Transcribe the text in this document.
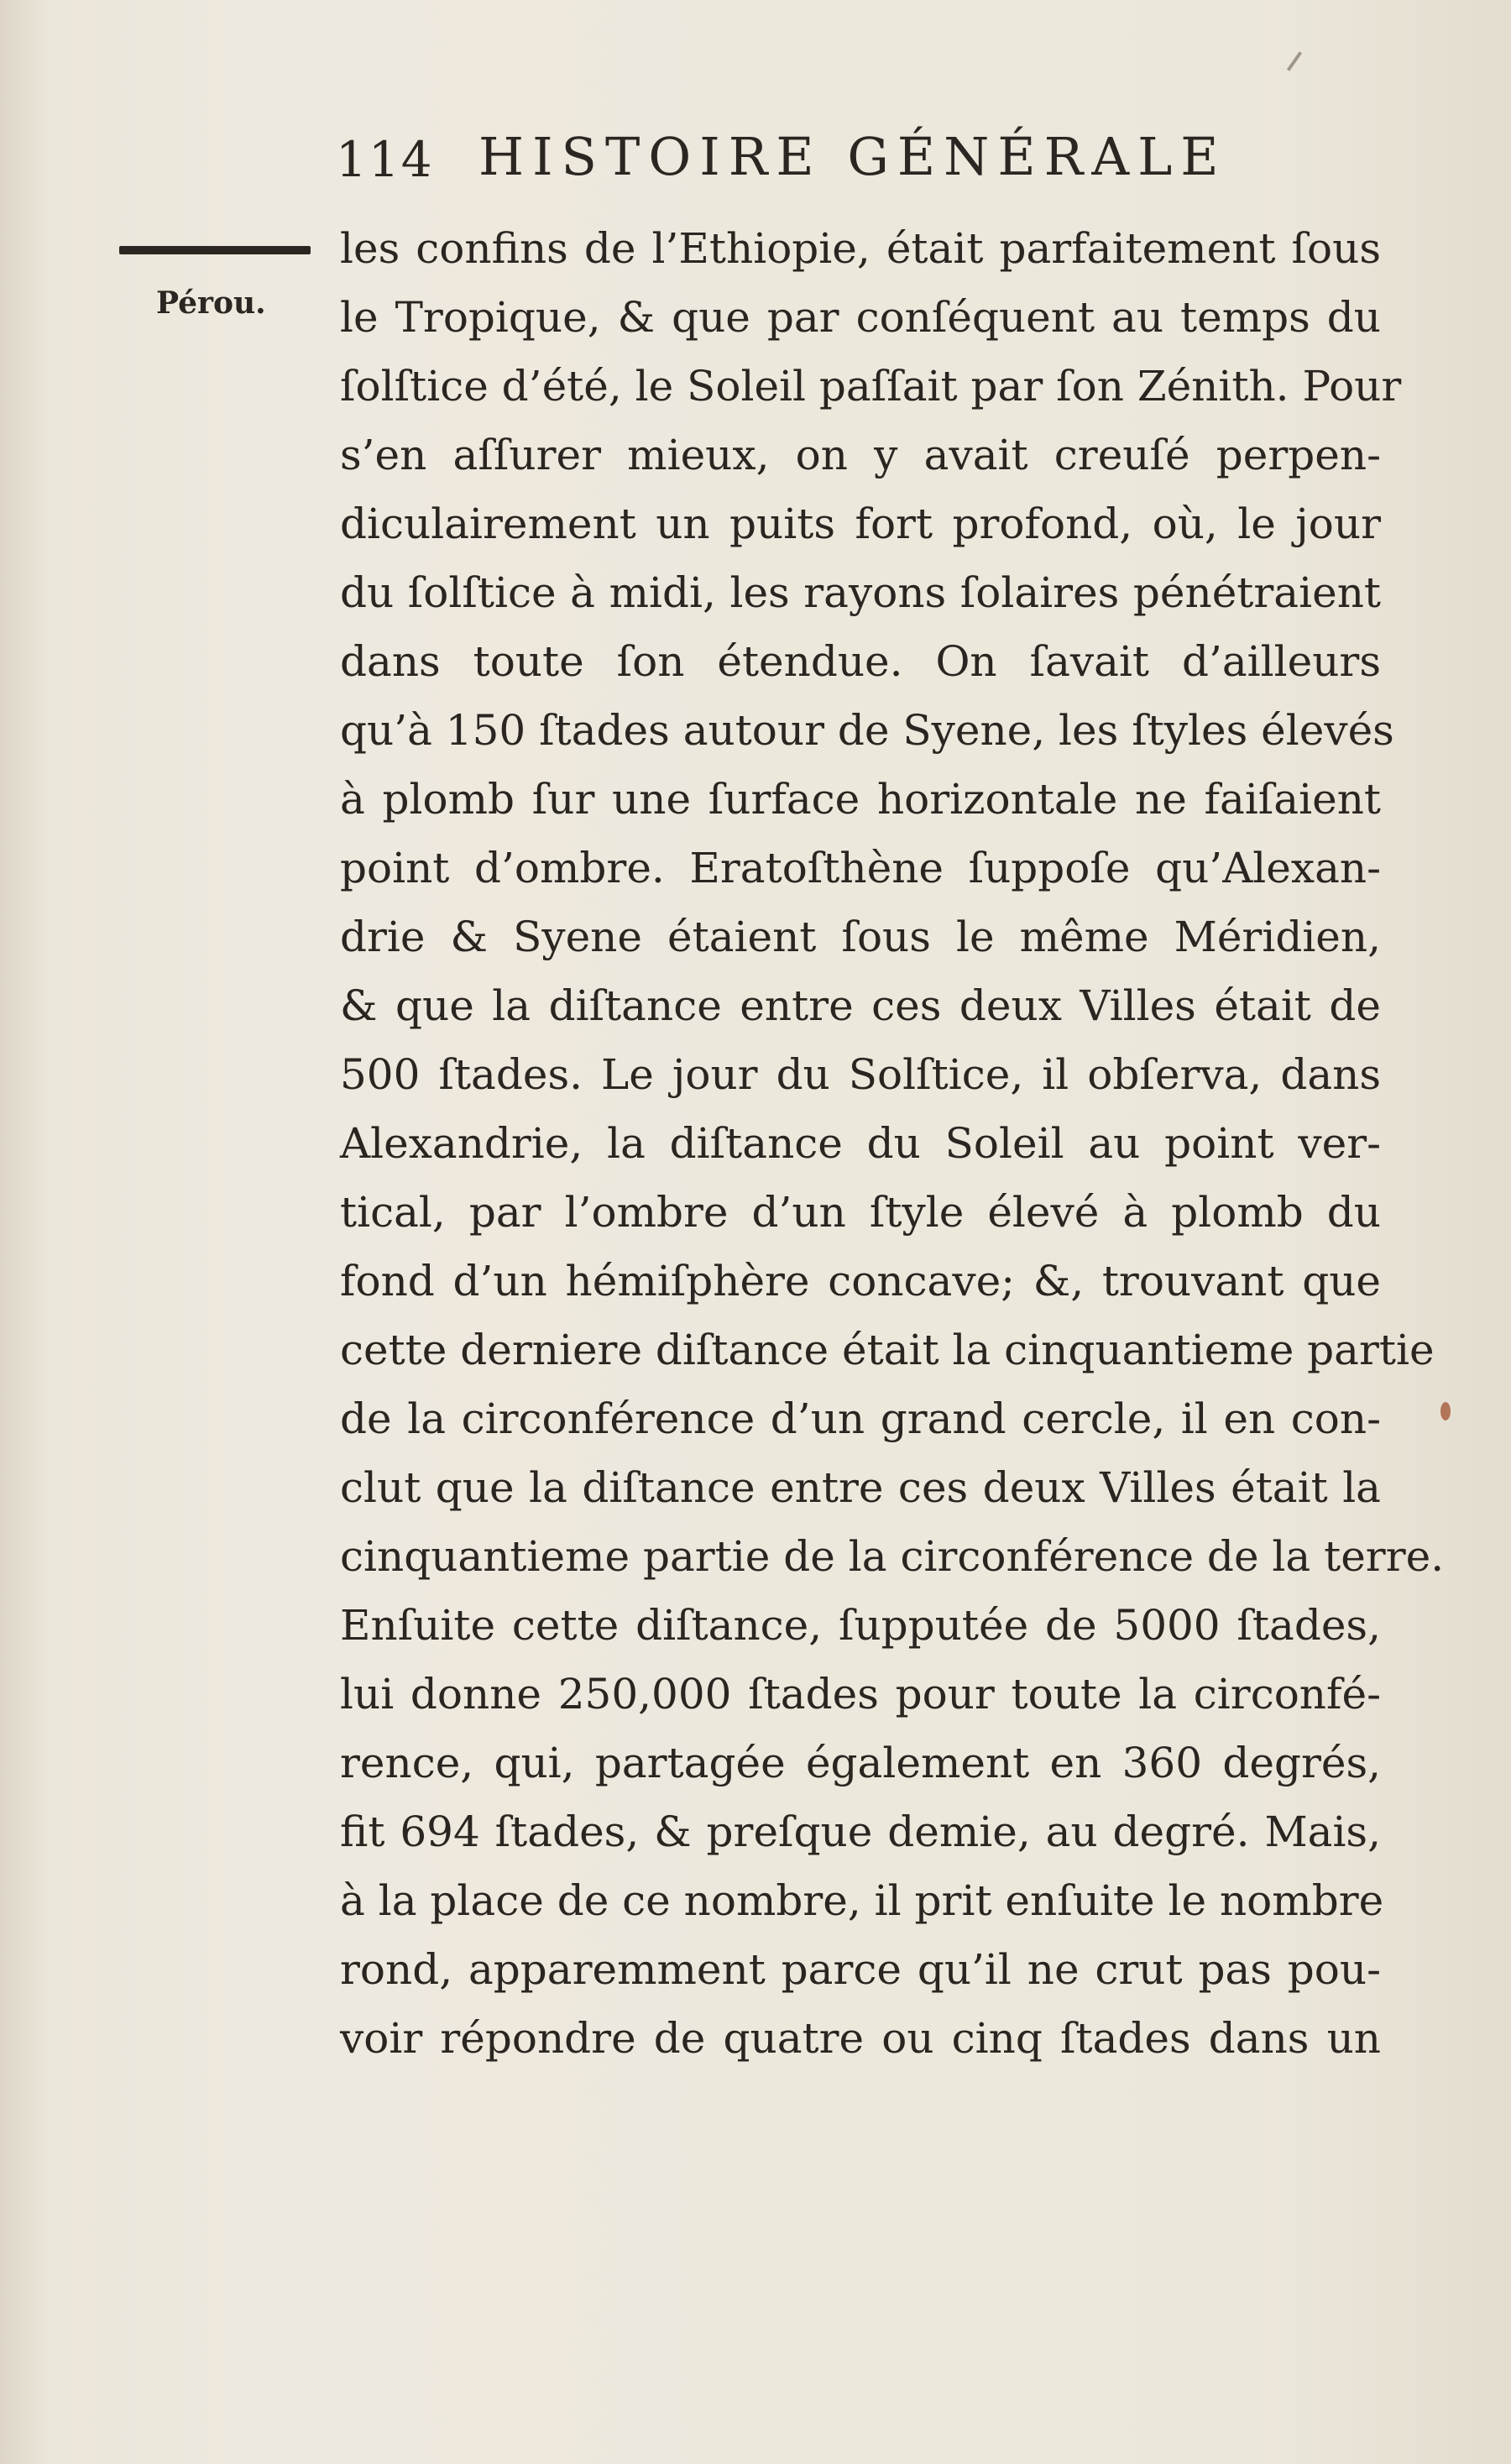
114 HISTOIRE GÉNÉRALE
Pérou.
les confins de l’Ethiopie, était parfaitement ſous
le Tropique, & que par conſéquent au temps du
ſolſtice d’été, le Soleil paſſait par ſon Zénith. Pour
s’en aſſurer mieux, on y avait creuſé perpen-
diculairement un puits fort profond, où, le jour
du ſolſtice à midi, les rayons ſolaires pénétraient
dans toute ſon étendue. On ſavait d’ailleurs
qu’à 150 ſtades autour de Syene, les ſtyles élevés
à plomb ſur une ſurface horizontale ne faiſaient
point d’ombre. Eratoſthène ſuppoſe qu’Alexan-
drie & Syene étaient ſous le même Méridien,
& que la diſtance entre ces deux Villes était de
500 ſtades. Le jour du Solſtice, il obſerva, dans
Alexandrie, la diſtance du Soleil au point ver-
tical, par l’ombre d’un ſtyle élevé à plomb du
fond d’un hémiſphère concave; &, trouvant que
cette derniere diſtance était la cinquantieme partie
de la circonférence d’un grand cercle, il en con-
clut que la diſtance entre ces deux Villes était la
cinquantieme partie de la circonférence de la terre.
Enſuite cette diſtance, ſupputée de 5000 ſtades,
lui donne 250,000 ſtades pour toute la circonfé-
rence, qui, partagée également en 360 degrés,
fit 694 ſtades, & preſque demie, au degré. Mais,
à la place de ce nombre, il prit enſuite le nombre
rond, apparemment parce qu’il ne crut pas pou-
voir répondre de quatre ou cinq ſtades dans un
